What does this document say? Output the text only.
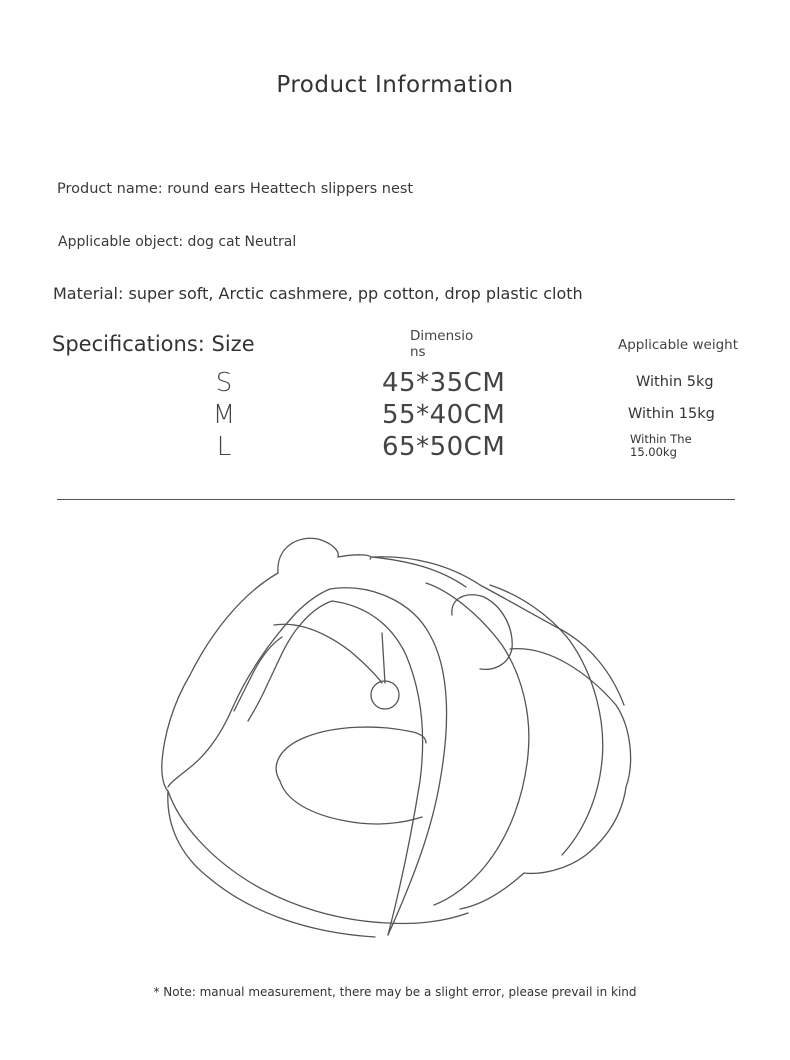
Product Information
Product name: round ears Heattech slippers nest
Applicable object: dog cat Neutral
Material: super soft, Arctic cashmere, pp cotton, drop plastic cloth
Specifications: Size	Dimensions	Applicable weight
S	45*35CM	Within 5kg
M	55*40CM	Within 15kg
L	65*50CM	Within The 15.00kg
* Note: manual measurement, there may be a slight error, please prevail in kind
